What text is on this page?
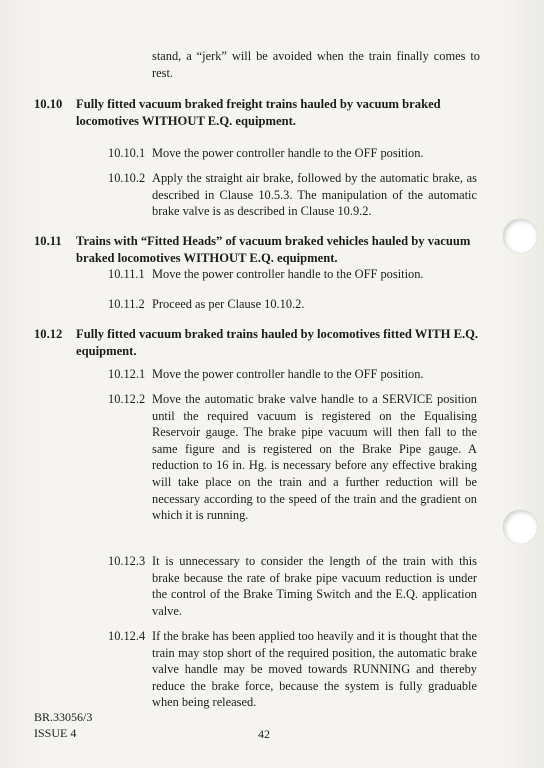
stand, a “jerk” will be avoided when the train finally comes to rest.
10.10 Fully fitted vacuum braked freight trains hauled by vacuum braked locomotives WITHOUT E.Q. equipment.
10.10.1 Move the power controller handle to the OFF position.
10.10.2 Apply the straight air brake, followed by the automatic brake, as described in Clause 10.5.3. The manipulation of the automatic brake valve is as described in Clause 10.9.2.
10.11 Trains with “Fitted Heads” of vacuum braked vehicles hauled by vacuum braked locomotives WITHOUT E.Q. equipment.
10.11.1 Move the power controller handle to the OFF position.
10.11.2 Proceed as per Clause 10.10.2.
10.12 Fully fitted vacuum braked trains hauled by locomotives fitted WITH E.Q. equipment.
10.12.1 Move the power controller handle to the OFF position.
10.12.2 Move the automatic brake valve handle to a SERVICE position until the required vacuum is registered on the Equalising Reservoir gauge. The brake pipe vacuum will then fall to the same figure and is registered on the Brake Pipe gauge. A reduction to 16 in. Hg. is necessary before any effective braking will take place on the train and a further reduction will be necessary according to the speed of the train and the gradient on which it is running.
10.12.3 It is unnecessary to consider the length of the train with this brake because the rate of brake pipe vacuum reduction is under the control of the Brake Timing Switch and the E.Q. application valve.
10.12.4 If the brake has been applied too heavily and it is thought that the train may stop short of the required position, the automatic brake valve handle may be moved towards RUNNING and thereby reduce the brake force, because the system is fully graduable when being released.
BR.33056/3
ISSUE 4	42
